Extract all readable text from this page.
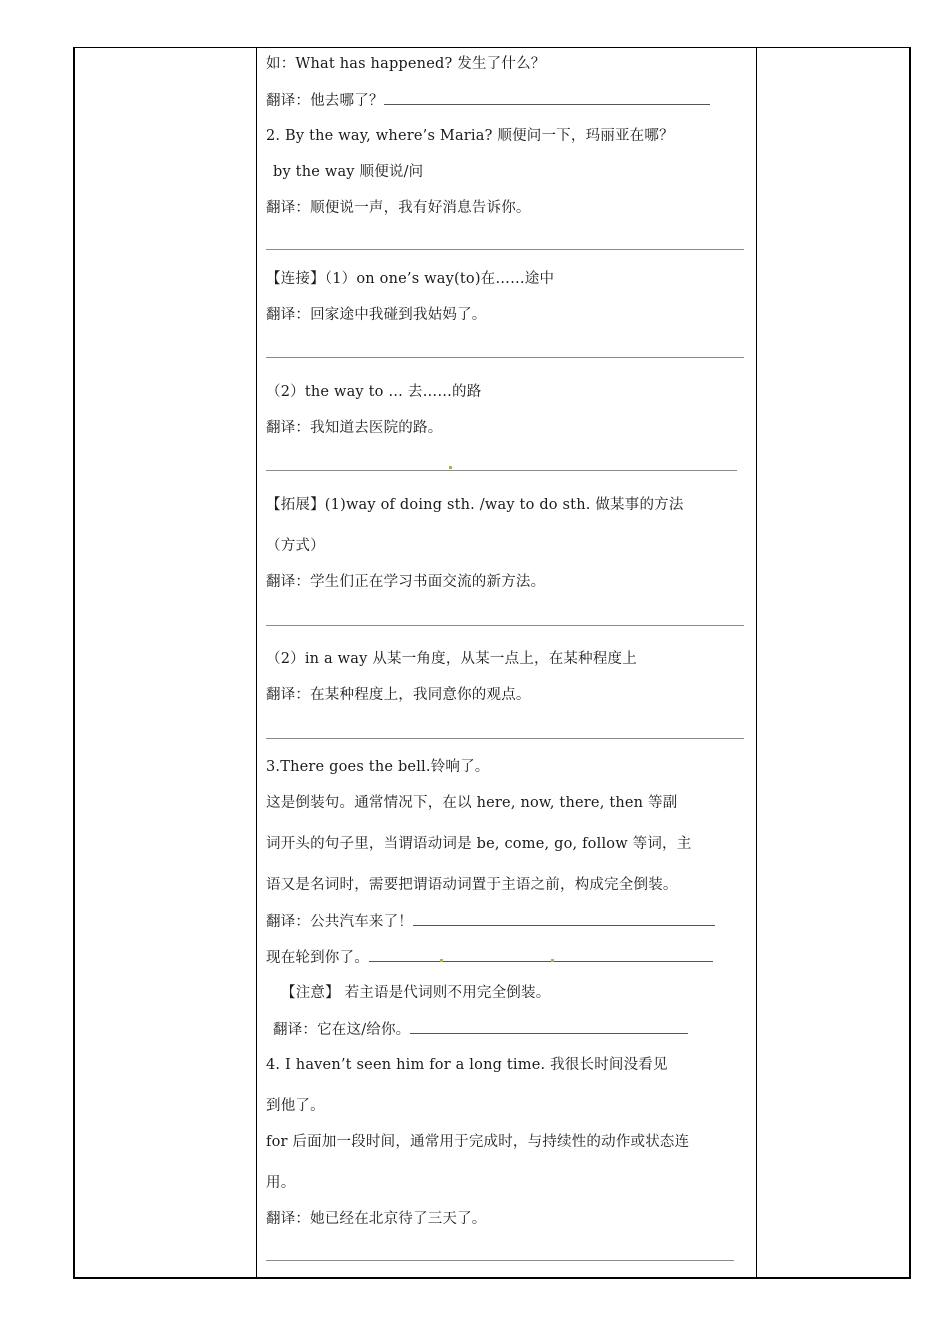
如：What has happened? 发生了什么？
翻译：他去哪了？
2. By the way, where’s Maria? 顺便问一下，玛丽亚在哪？
by the way 顺便说/问
翻译：顺便说一声，我有好消息告诉你。
【连接】（1）on one’s way(to)在……途中
翻译：回家途中我碰到我姑妈了。
（2）the way to … 去……的路
翻译：我知道去医院的路。
【拓展】(1)way of doing sth. /way to do sth. 做某事的方法
（方式）
翻译：学生们正在学习书面交流的新方法。
（2）in a way 从某一角度，从某一点上，在某种程度上
翻译：在某种程度上，我同意你的观点。
3.There goes the bell.铃响了。
这是倒装句。通常情况下，在以 here, now, there, then 等副
词开头的句子里，当谓语动词是 be, come, go, follow 等词，主
语又是名词时，需要把谓语动词置于主语之前，构成完全倒装。
翻译：公共汽车来了！
现在轮到你了。
【注意】 若主语是代词则不用完全倒装。
翻译：它在这/给你。
4. I haven’t seen him for a long time. 我很长时间没看见
到他了。
for 后面加一段时间，通常用于完成时，与持续性的动作或状态连
用。
翻译：她已经在北京待了三天了。
